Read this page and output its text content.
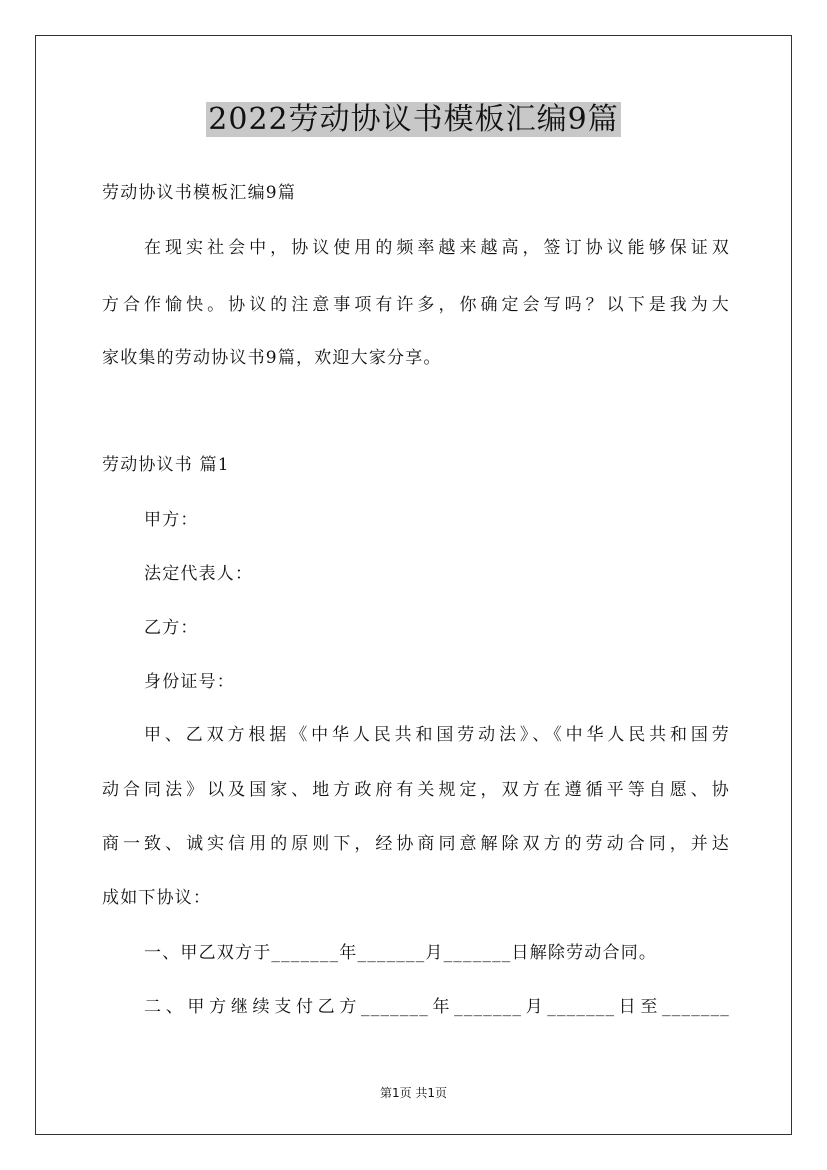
2022劳动协议书模板汇编9篇
劳动协议书模板汇编9篇
在现实社会中，协议使用的频率越来越高，签订协议能够保证双
方合作愉快。协议的注意事项有许多，你确定会写吗？以下是我为大
家收集的劳动协议书9篇，欢迎大家分享。
劳动协议书 篇1
甲方：
法定代表人：
乙方：
身份证号：
甲、乙双方根据《中华人民共和国劳动法》、《中华人民共和国劳
动合同法》以及国家、地方政府有关规定，双方在遵循平等自愿、协
商一致、诚实信用的原则下，经协商同意解除双方的劳动合同，并达
成如下协议：
一、甲乙双方于_______年_______月_______日解除劳动合同。
二、甲方继续支付乙方_______年_______月_______日至_______
第1页 共1页
